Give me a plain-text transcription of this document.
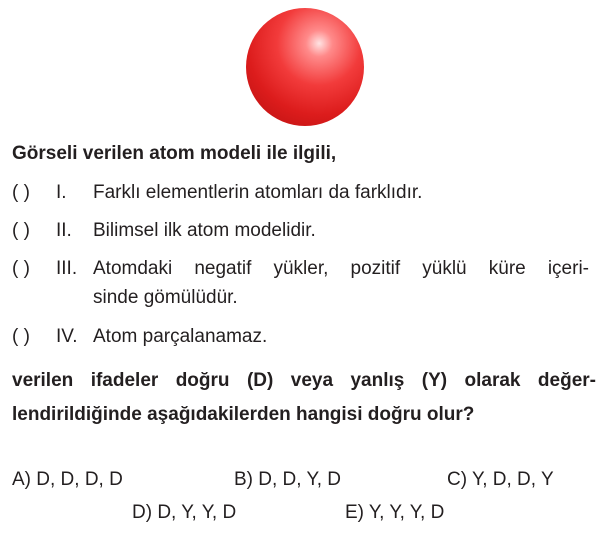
Görseli verilen atom modeli ile ilgili,
( ) I. Farklı elementlerin atomları da farklıdır.
( ) II. Bilimsel ilk atom modelidir.
( ) III. Atomdaki negatif yükler, pozitif yüklü küre içeri-
sinde gömülüdür.
( ) IV. Atom parçalanamaz.
verilen ifadeler doğru (D) veya yanlış (Y) olarak değer-
lendirildiğinde aşağıdakilerden hangisi doğru olur?
A) D, D, D, D	B) D, D, Y, D	C) Y, D, D, Y
D) D, Y, Y, D	E) Y, Y, Y, D
